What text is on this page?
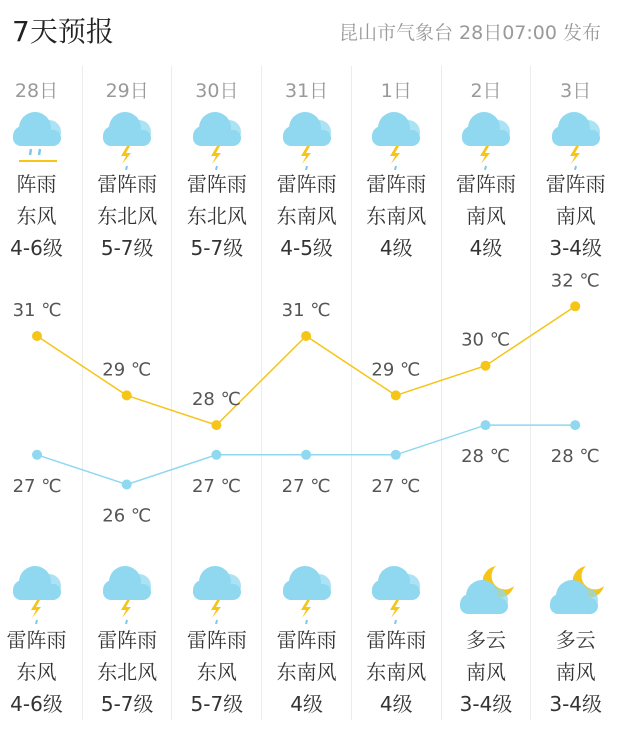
7天预报	昆山市气象台 28日07:00 发布
28日
阵雨
东风
4-6级
雷阵雨
东风
4-6级
29日
雷阵雨
东北风
5-7级
雷阵雨
东北风
5-7级
30日
雷阵雨
东北风
5-7级
雷阵雨
东风
5-7级
31日
雷阵雨
东南风
4-5级
雷阵雨
东南风
4级
1日
雷阵雨
东南风
4级
雷阵雨
东南风
4级
2日
雷阵雨
南风
4级
多云
南风
3-4级
3日
雷阵雨
南风
3-4级
多云
南风
3-4级
31 ℃
27 ℃
29 ℃
26 ℃
28 ℃
27 ℃
31 ℃
27 ℃
29 ℃
27 ℃
30 ℃
28 ℃
32 ℃
28 ℃
